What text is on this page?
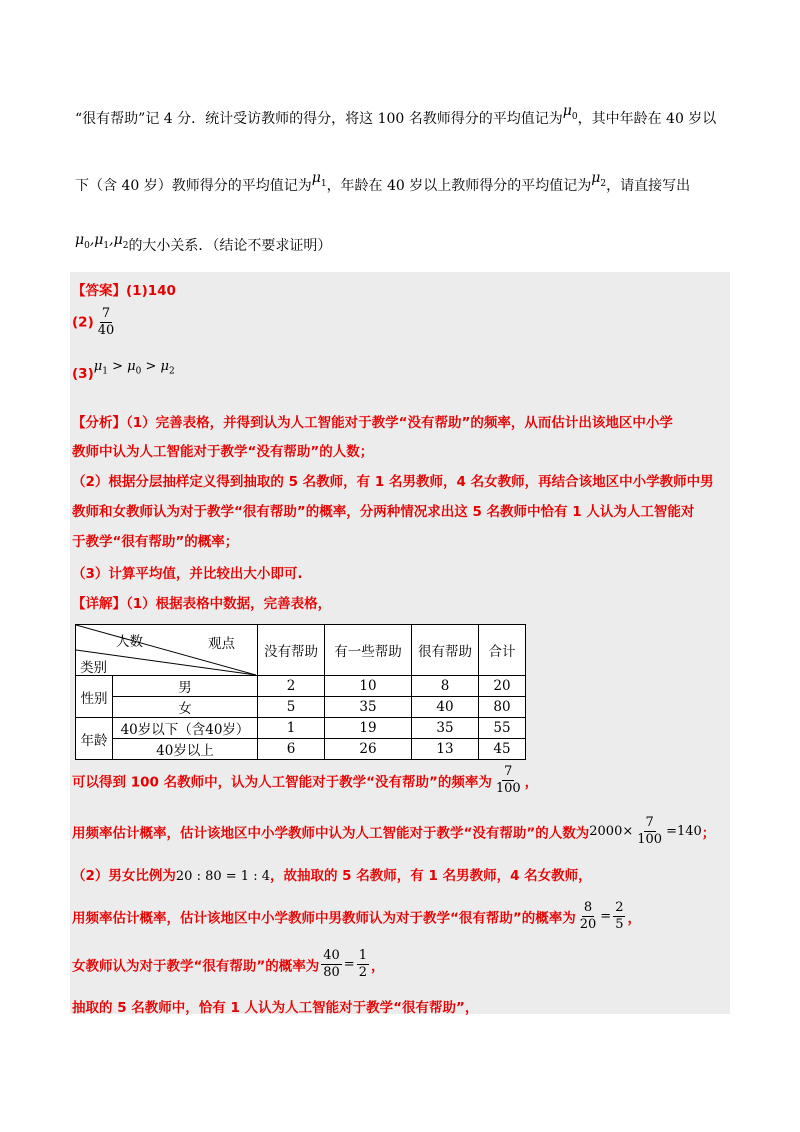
“很有帮助”记 4 分．统计受访教师的得分，将这 100 名教师得分的平均值记为$\mu_0$，其中年龄在 40 岁以
下（含 40 岁）教师得分的平均值记为$\mu_1$，年龄在 40 岁以上教师得分的平均值记为$\mu_2$，请直接写出
$\mu_0,\mu_1,\mu_2$的大小关系．（结论不要求证明）
【答案】(1)140
$(2) \frac{7}{40}$
$(3)\mu_1 > \mu_0 > \mu_2$
【分析】（1）完善表格，并得到认为人工智能对于教学“没有帮助”的频率，从而估计出该地区中小学
教师中认为人工智能对于教学“没有帮助”的人数；
（2）根据分层抽样定义得到抽取的 5 名教师，有 1 名男教师，4 名女教师，再结合该地区中小学教师中男
教师和女教师认为对于教学“很有帮助”的概率，分两种情况求出这 5 名教师中恰有 1 人认为人工智能对
于教学“很有帮助”的概率；
（3）计算平均值，并比较出大小即可.
【详解】（1）根据表格中数据，完善表格，
人数 观点
类别		没有帮助	有一些帮助	很有帮助	合计
性别	男	2	10	8	20
	女	5	35	40	80
年龄	40岁以下（含40岁）	1	19	35	55
	40岁以上	6	26	13	45
可以得到 100 名教师中，认为人工智能对于教学“没有帮助”的频率为 $\frac{7}{100}$ ，
用频率估计概率，估计该地区中小学教师中认为人工智能对于教学“没有帮助”的人数为$2000\times \frac{7}{100} =140$；
（2）男女比例为20 : 80 = 1 : 4，故抽取的 5 名教师，有 1 名男教师，4 名女教师，
用频率估计概率，估计该地区中小学教师中男教师认为对于教学“很有帮助”的概率为 $\frac{8}{20} = \frac{2}{5}$ ，
女教师认为对于教学“很有帮助”的概率为 $\frac{40}{80} = \frac{1}{2}$ ，
抽取的 5 名教师中，恰有 1 人认为人工智能对于教学“很有帮助”，
